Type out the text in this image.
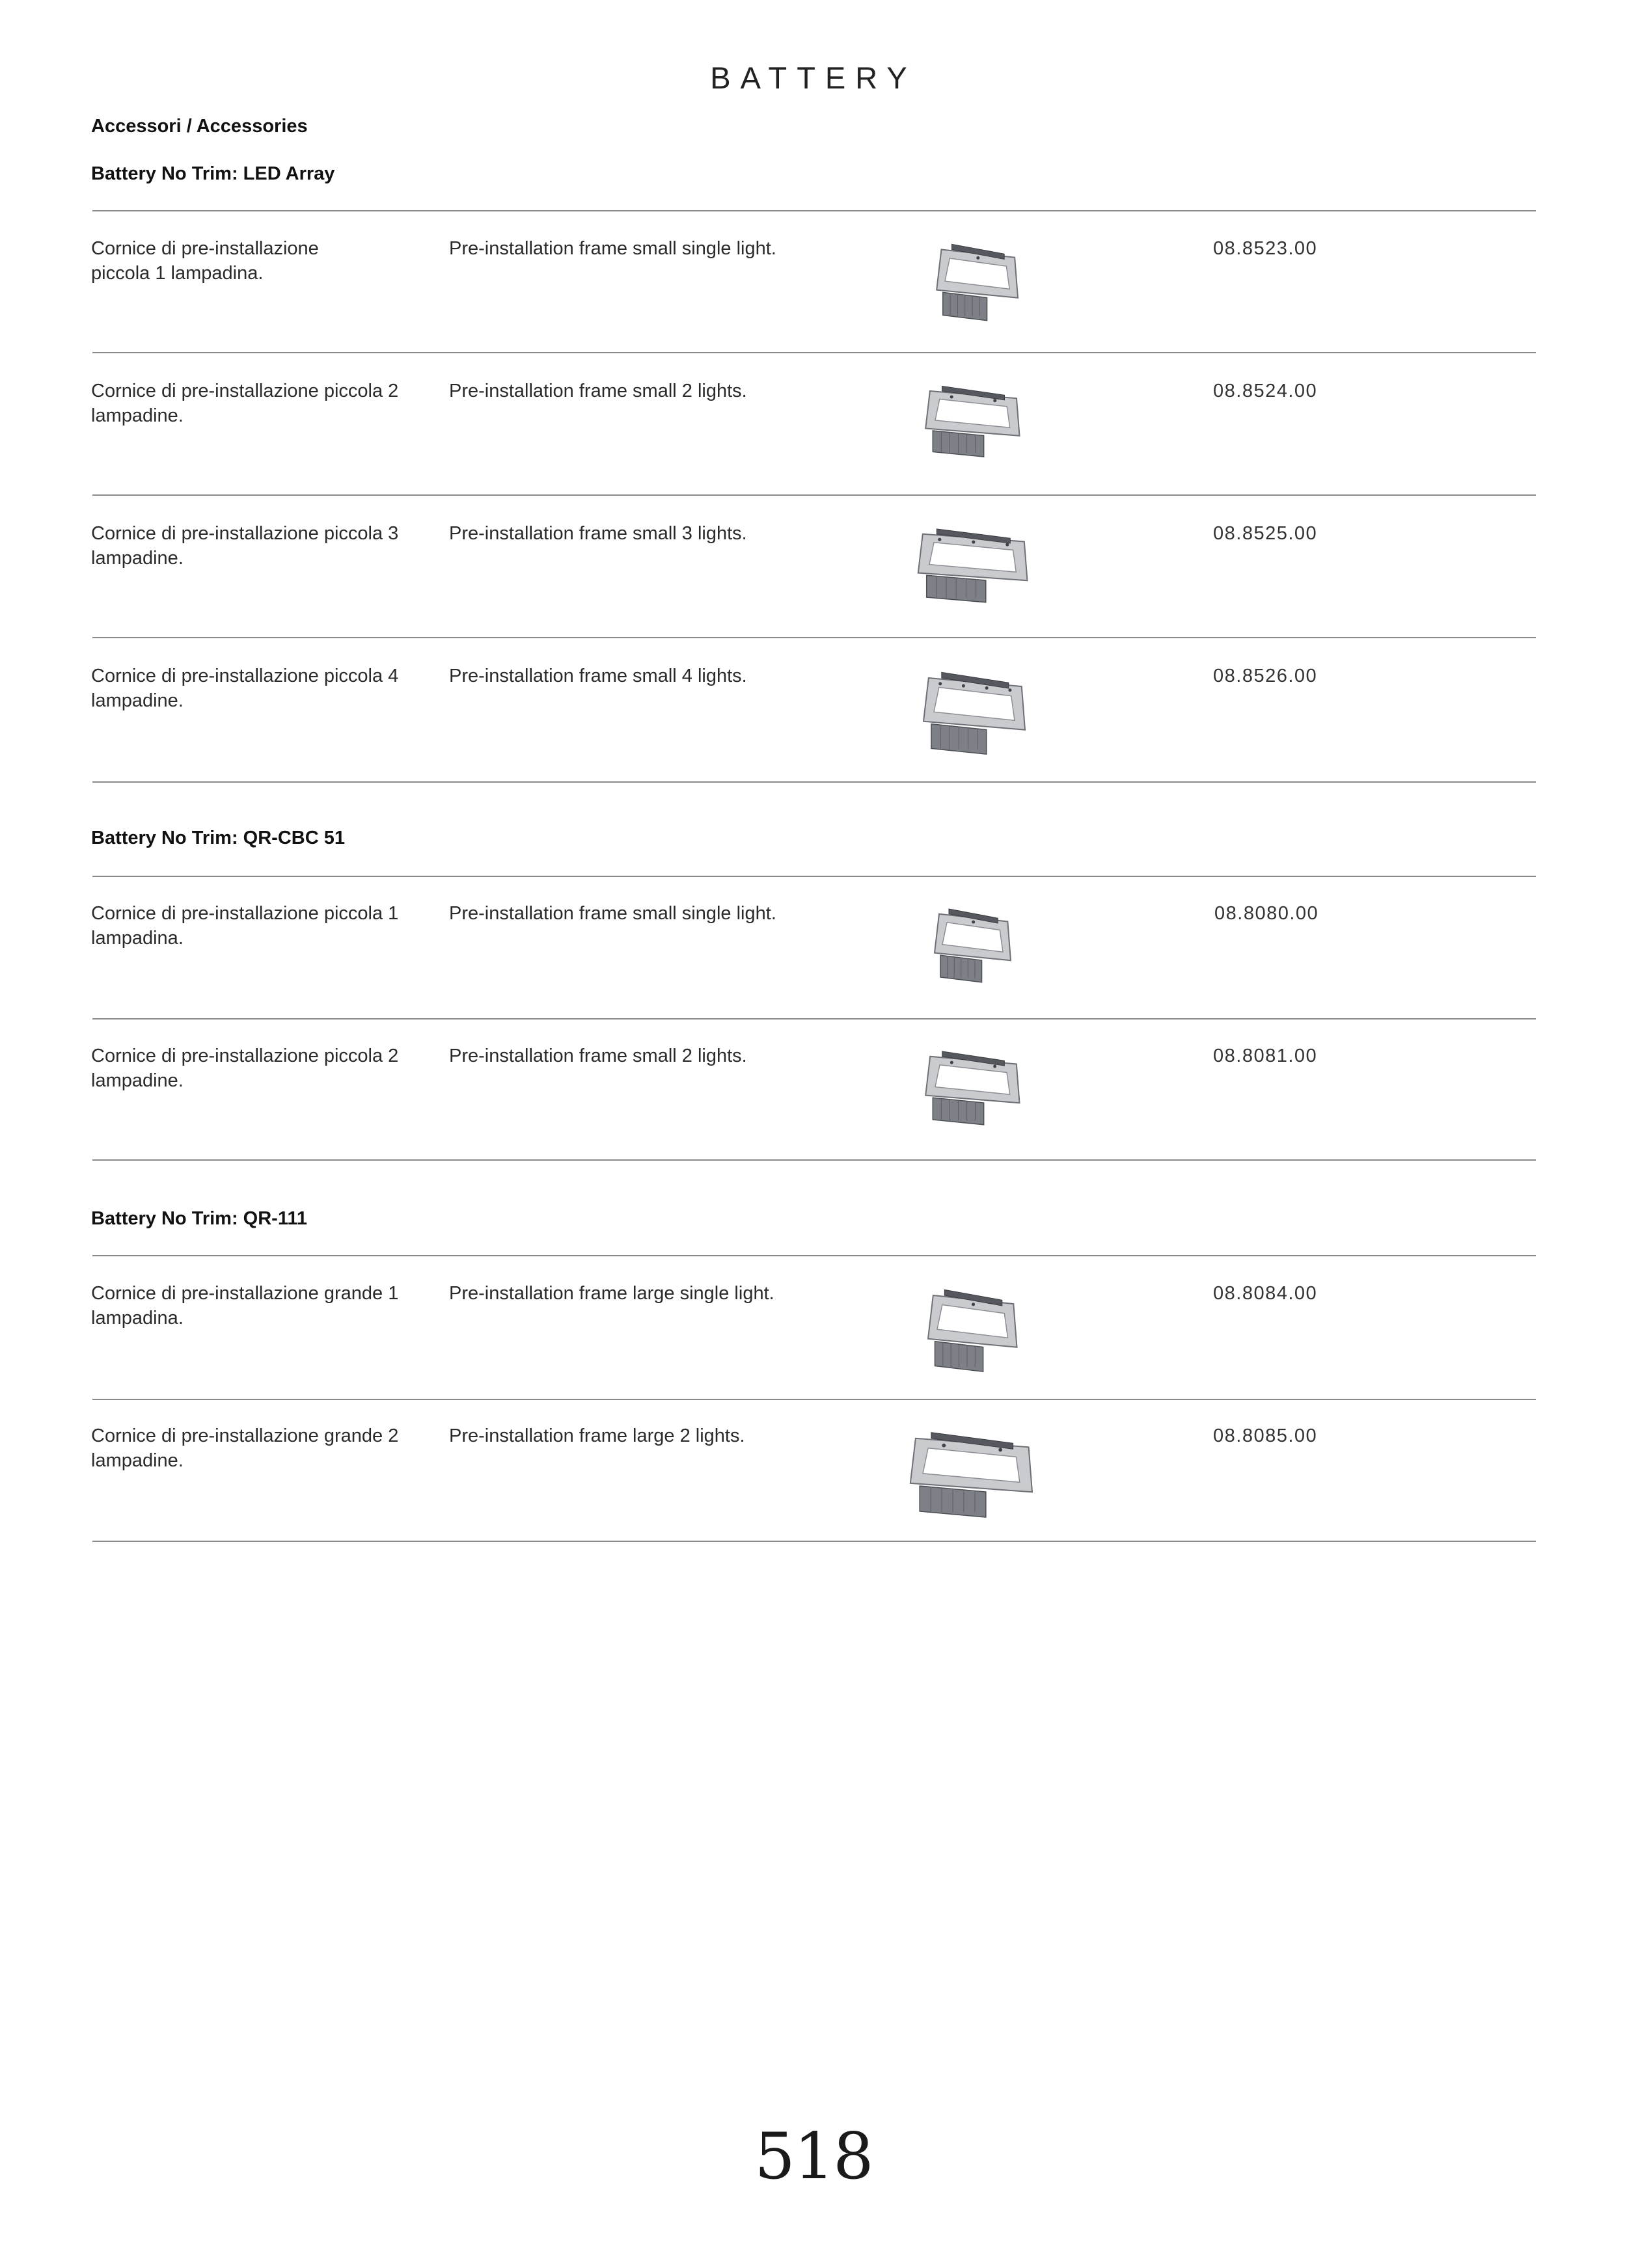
BATTERY
Accessori / Accessories
Battery No Trim: LED Array
Cornice di pre-installazione
piccola 1 lampadina.
Pre-installation frame small single light.	08.8523.00
Cornice di pre-installazione piccola 2
lampadine.
Pre-installation frame small 2 lights.	08.8524.00
Cornice di pre-installazione piccola 3
lampadine.
Pre-installation frame small 3 lights.	08.8525.00
Cornice di pre-installazione piccola 4
lampadine.
Pre-installation frame small 4 lights.	08.8526.00
Battery No Trim: QR-CBC 51
Cornice di pre-installazione piccola 1
lampadina.
Pre-installation frame small single light.	08.8080.00
Cornice di pre-installazione piccola 2
lampadine.
Pre-installation frame small 2 lights.	08.8081.00
Battery No Trim: QR-111
Cornice di pre-installazione grande 1
lampadina.
Pre-installation frame large single light.	08.8084.00
Cornice di pre-installazione grande 2
lampadine.
Pre-installation frame large 2 lights.	08.8085.00
518
